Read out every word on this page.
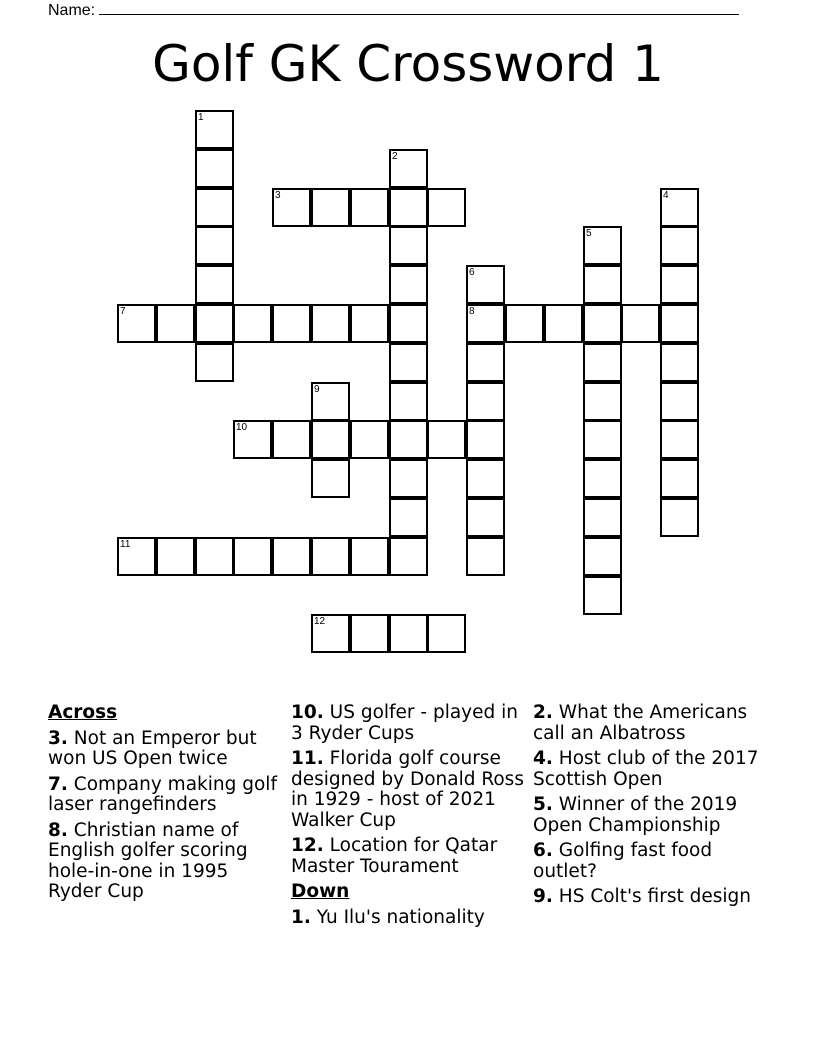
Name:
Golf GK Crossword 1
1
2
3	4
5
6
8
7
9
10
11
12
Across
3. Not an Emperor but won US Open twice
7. Company making golf laser rangefinders
8. Christian name of English golfer scoring hole-in-one in 1995 Ryder Cup
10. US golfer - played in 3 Ryder Cups
11. Florida golf course designed by Donald Ross in 1929 - host of 2021 Walker Cup
12. Location for Qatar Master Tourament
Down
1. Yu Ilu's nationality
2. What the Americans call an Albatross
4. Host club of the 2017 Scottish Open
5. Winner of the 2019 Open Championship
6. Golfing fast food outlet?
9. HS Colt's first design
